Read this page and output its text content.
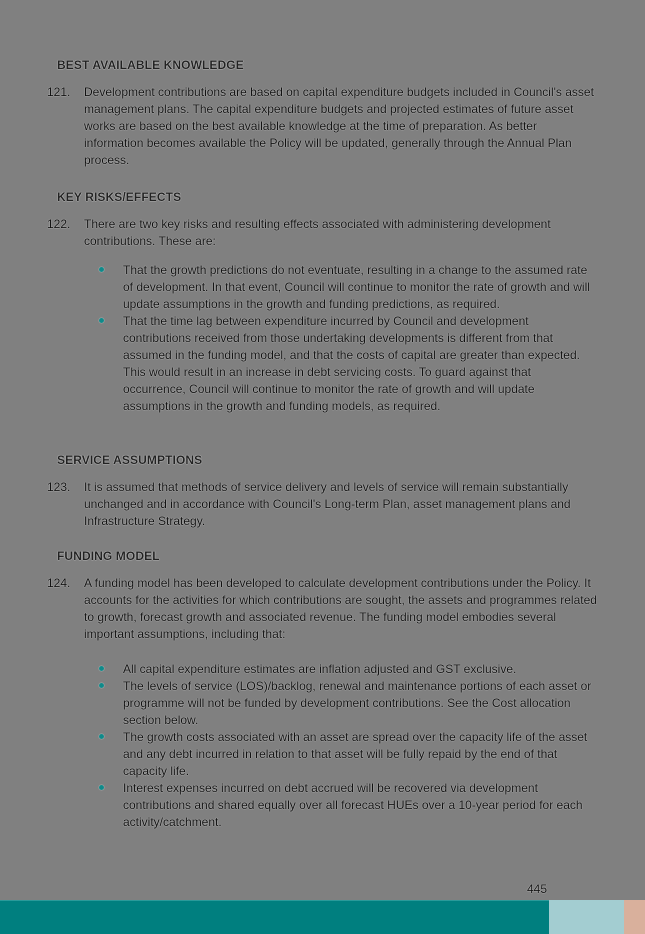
BEST AVAILABLE KNOWLEDGE
121.	Development contributions are based on capital expenditure budgets included in Council's asset management plans. The capital expenditure budgets and projected estimates of future asset works are based on the best available knowledge at the time of preparation. As better information becomes available the Policy will be updated, generally through the Annual Plan process.
KEY RISKS/EFFECTS
122.	There are two key risks and resulting effects associated with administering development contributions. These are:
That the growth predictions do not eventuate, resulting in a change to the assumed rate of development. In that event, Council will continue to monitor the rate of growth and will update assumptions in the growth and funding predictions, as required.
That the time lag between expenditure incurred by Council and development contributions received from those undertaking developments is different from that assumed in the funding model, and that the costs of capital are greater than expected. This would result in an increase in debt servicing costs. To guard against that occurrence, Council will continue to monitor the rate of growth and will update assumptions in the growth and funding models, as required.
SERVICE ASSUMPTIONS
123.	It is assumed that methods of service delivery and levels of service will remain substantially unchanged and in accordance with Council's Long-term Plan, asset management plans and Infrastructure Strategy.
FUNDING MODEL
124.	A funding model has been developed to calculate development contributions under the Policy. It accounts for the activities for which contributions are sought, the assets and programmes related to growth, forecast growth and associated revenue. The funding model embodies several important assumptions, including that:
All capital expenditure estimates are inflation adjusted and GST exclusive.
The levels of service (LOS)/backlog, renewal and maintenance portions of each asset or programme will not be funded by development contributions. See the Cost allocation section below.
The growth costs associated with an asset are spread over the capacity life of the asset and any debt incurred in relation to that asset will be fully repaid by the end of that capacity life.
Interest expenses incurred on debt accrued will be recovered via development contributions and shared equally over all forecast HUEs over a 10-year period for each activity/catchment.
445
